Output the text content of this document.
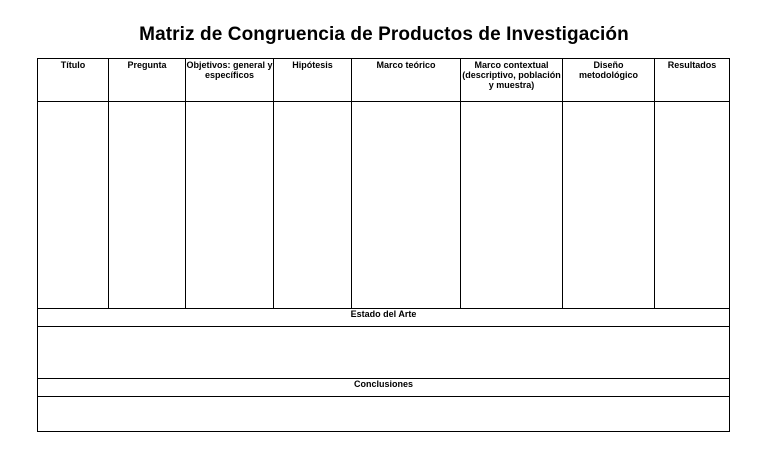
Matriz de Congruencia de Productos de Investigación
Título	Pregunta	Objetivos: general y específicos	Hipótesis	Marco teórico	Marco contextual (descriptivo, población y muestra)	Diseño metodológico	Resultados

Estado del Arte							

Conclusiones							
